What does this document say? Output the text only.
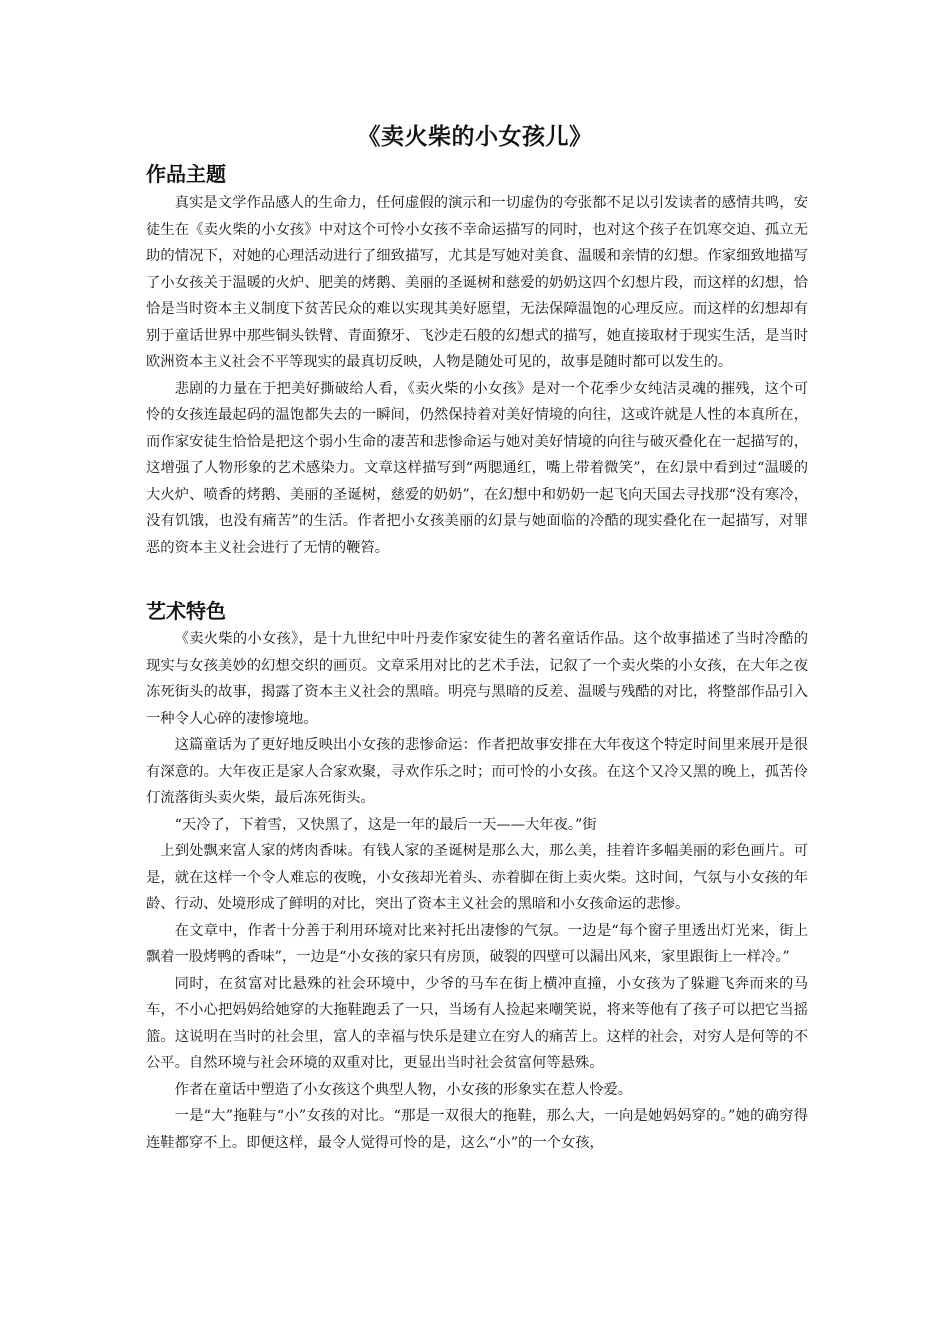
《卖火柴的小女孩儿》
作品主题

真实是文学作品感人的生命力，任何虚假的演示和一切虚伪的夸张都不足以引发读者的感情共鸣，安徒生在《卖火柴的小女孩》中对这个可怜小女孩不幸命运描写的同时，也对这个孩子在饥寒交迫、孤立无助的情况下，对她的心理活动进行了细致描写，尤其是写她对美食、温暖和亲情的幻想。作家细致地描写了小女孩关于温暖的火炉、肥美的烤鹅、美丽的圣诞树和慈爱的奶奶这四个幻想片段，而这样的幻想，恰恰是当时资本主义制度下贫苦民众的难以实现其美好愿望，无法保障温饱的心理反应。而这样的幻想却有别于童话世界中那些铜头铁臂、青面獠牙、飞沙走石般的幻想式的描写，她直接取材于现实生活，是当时欧洲资本主义社会不平等现实的最真切反映，人物是随处可见的，故事是随时都可以发生的。

悲剧的力量在于把美好撕破给人看，《卖火柴的小女孩》是对一个花季少女纯洁灵魂的摧残，这个可怜的女孩连最起码的温饱都失去的一瞬间，仍然保持着对美好情境的向往，这或许就是人性的本真所在，而作家安徒生恰恰是把这个弱小生命的凄苦和悲惨命运与她对美好情境的向往与破灭叠化在一起描写的，这增强了人物形象的艺术感染力。文章这样描写到“两腮通红，嘴上带着微笑”，在幻景中看到过“温暖的大火炉、喷香的烤鹅、美丽的圣诞树，慈爱的奶奶”，在幻想中和奶奶一起飞向天国去寻找那“没有寒冷，没有饥饿，也没有痛苦”的生活。作者把小女孩美丽的幻景与她面临的冷酷的现实叠化在一起描写，对罪恶的资本主义社会进行了无情的鞭笞。

艺术特色

《卖火柴的小女孩》，是十九世纪中叶丹麦作家安徒生的著名童话作品。这个故事描述了当时冷酷的现实与女孩美妙的幻想交织的画页。文章采用对比的艺术手法，记叙了一个卖火柴的小女孩，在大年之夜冻死街头的故事，揭露了资本主义社会的黑暗。明亮与黑暗的反差、温暖与残酷的对比，将整部作品引入一种令人心碎的凄惨境地。

这篇童话为了更好地反映出小女孩的悲惨命运：作者把故事安排在大年夜这个特定时间里来展开是很有深意的。大年夜正是家人合家欢聚，寻欢作乐之时；而可怜的小女孩。在这个又冷又黑的晚上，孤苦伶仃流落街头卖火柴，最后冻死街头。

“天冷了，下着雪，又快黑了，这是一年的最后一天——大年夜。”街

上到处飘来富人家的烤肉香味。有钱人家的圣诞树是那么大，那么美，挂着许多幅美丽的彩色画片。可是，就在这样一个令人难忘的夜晚，小女孩却光着头、赤着脚在街上卖火柴。这时间，气氛与小女孩的年龄、行动、处境形成了鲜明的对比，突出了资本主义社会的黑暗和小女孩命运的悲惨。

在文章中，作者十分善于利用环境对比来衬托出凄惨的气氛。一边是“每个窗子里透出灯光来，街上飘着一股烤鸭的香味”，一边是“小女孩的家只有房顶，破裂的四壁可以漏出风来，家里跟街上一样冷。”

同时，在贫富对比悬殊的社会环境中，少爷的马车在街上横冲直撞，小女孩为了躲避飞奔而来的马车，不小心把妈妈给她穿的大拖鞋跑丢了一只，当场有人捡起来嘲笑说，将来等他有了孩子可以把它当摇篮。这说明在当时的社会里，富人的幸福与快乐是建立在穷人的痛苦上。这样的社会，对穷人是何等的不公平。自然环境与社会环境的双重对比，更显出当时社会贫富何等悬殊。

作者在童话中塑造了小女孩这个典型人物，小女孩的形象实在惹人怜爱。

一是“大”拖鞋与“小”女孩的对比。“那是一双很大的拖鞋，那么大，一向是她妈妈穿的。”她的确穷得连鞋都穿不上。即便这样，最令人觉得可怜的是，这么“小”的一个女孩，
